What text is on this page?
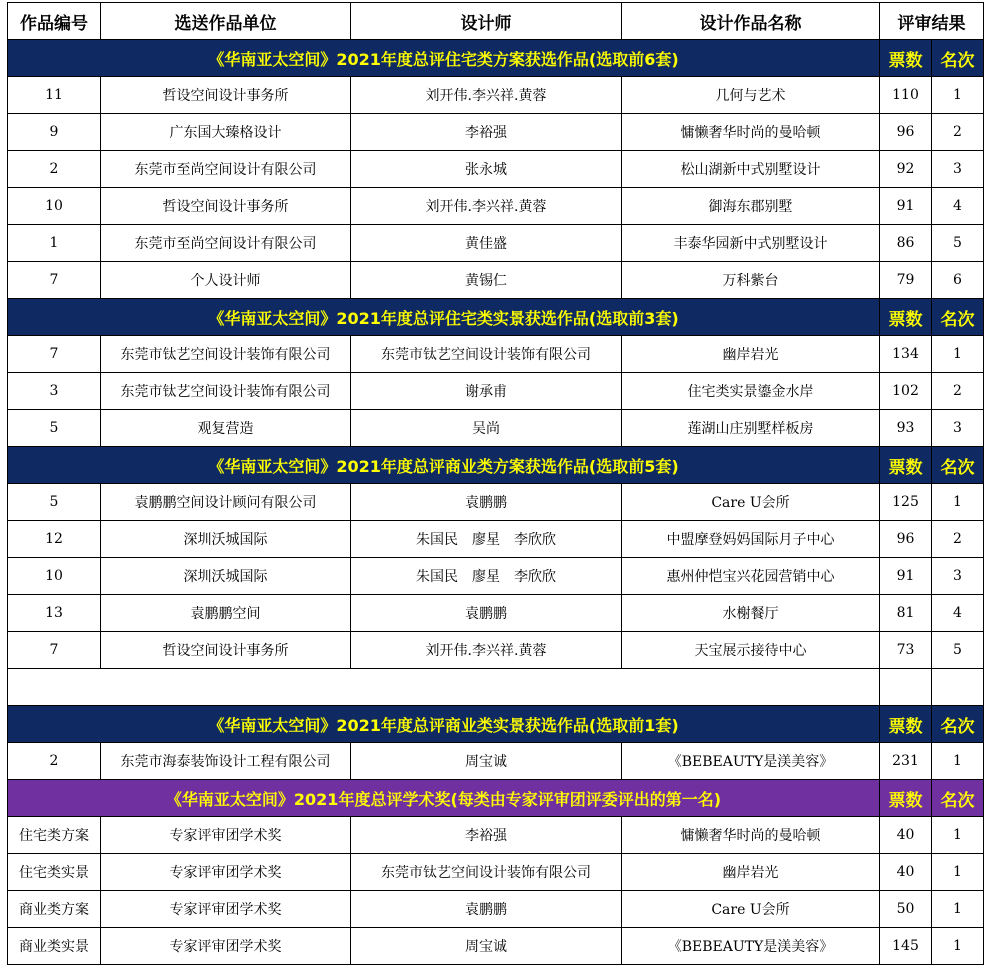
作品编号	选送作品单位	设计师	设计作品名称	评审结果	
《华南亚太空间》2021年度总评住宅类方案获选作品(选取前6套)				票数	名次
11	哲设空间设计事务所	刘开伟.李兴祥.黄蓉	几何与艺术	110	1
9	广东国大臻格设计	李裕强	慵懒奢华时尚的曼哈顿	96	2
2	东莞市至尚空间设计有限公司	张永城	松山湖新中式别墅设计	92	3
10	哲设空间设计事务所	刘开伟.李兴祥.黄蓉	御海东郡别墅	91	4
1	东莞市至尚空间设计有限公司	黄佳盛	丰泰华园新中式别墅设计	86	5
7	个人设计师	黄锡仁	万科紫台	79	6
《华南亚太空间》2021年度总评住宅类实景获选作品(选取前3套)				票数	名次
7	东莞市钛艺空间设计装饰有限公司	东莞市钛艺空间设计装饰有限公司	幽岸岩光	134	1
3	东莞市钛艺空间设计装饰有限公司	谢承甫	住宅类实景鎏金水岸	102	2
5	观复营造	吴尚	莲湖山庄别墅样板房	93	3
《华南亚太空间》2021年度总评商业类方案获选作品(选取前5套)				票数	名次
5	袁鹏鹏空间设计顾问有限公司	袁鹏鹏	Care U会所	125	1
12	深圳沃城国际	朱国民　廖星　李欣欣	中盟摩登妈妈国际月子中心	96	2
10	深圳沃城国际	朱国民　廖星　李欣欣	惠州仲恺宝兴花园营销中心	91	3
13	袁鹏鹏空间	袁鹏鹏	水榭餐厅	81	4
7	哲设空间设计事务所	刘开伟.李兴祥.黄蓉	天宝展示接待中心	73	5

《华南亚太空间》2021年度总评商业类实景获选作品(选取前1套)				票数	名次
2	东莞市海泰装饰设计工程有限公司	周宝诚	《BEBEAUTY是渼美容》	231	1
《华南亚太空间》2021年度总评学术奖(每类由专家评审团评委评出的第一名)				票数	名次
住宅类方案	专家评审团学术奖	李裕强	慵懒奢华时尚的曼哈顿	40	1
住宅类实景	专家评审团学术奖	东莞市钛艺空间设计装饰有限公司	幽岸岩光	40	1
商业类方案	专家评审团学术奖	袁鹏鹏	Care U会所	50	1
商业类实景	专家评审团学术奖	周宝诚	《BEBEAUTY是渼美容》	145	1
